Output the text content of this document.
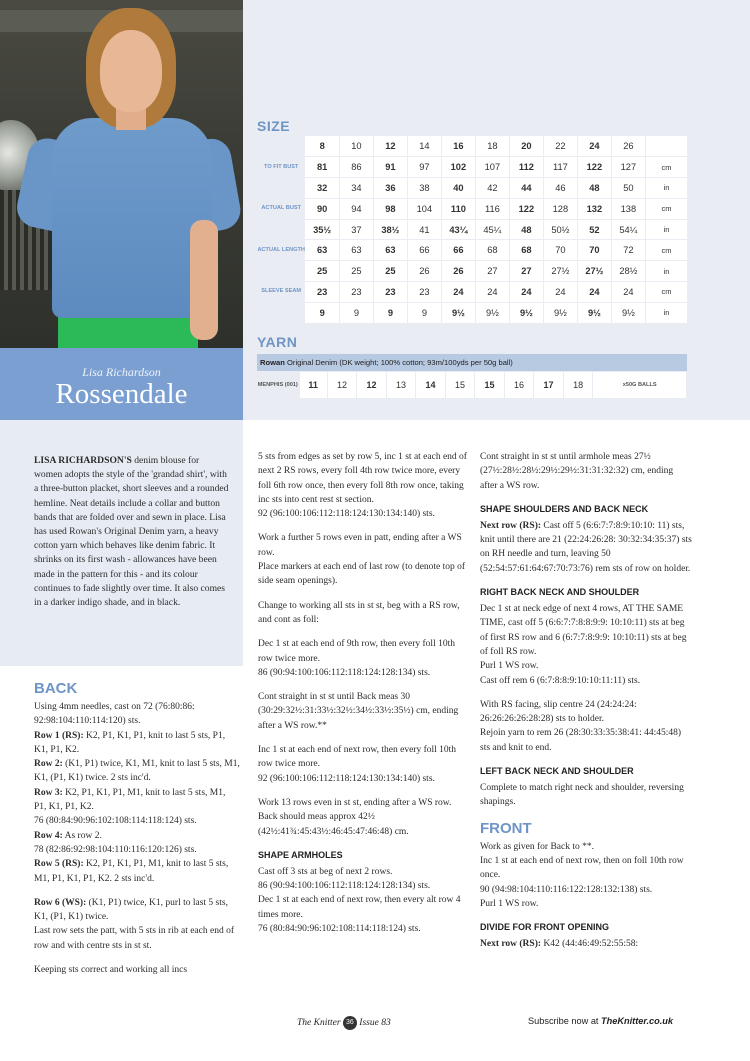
Lisa Richardson
Rossendale

LISA RICHARDSON'S denim blouse for women adopts the style of the 'grandad shirt', with a three-button placket, short sleeves and a rounded hemline. Neat details include a collar and button bands that are folded over and sewn in place. Lisa has used Rowan's Original Denim yarn, a heavy cotton yarn which behaves like denim fabric. It shrinks on its first wash - allowances have been made in the pattern for this - and its colour continues to fade slightly over time. It also comes in a darker indigo shade, and in black.

SIZE
	8	10	12	14	16	18	20	22	24	26	
TO FIT BUST	81	86	91	97	102	107	112	117	122	127	cm
	32	34	36	38	40	42	44	46	48	50	in
ACTUAL BUST	90	94	98	104	110	116	122	128	132	138	cm
	35½	37	38½	41	43¼	45¼	48	50½	52	54¼	in
ACTUAL LENGTH	63	63	63	66	66	68	68	70	70	72	cm
	25	25	25	26	26	27	27	27½	27½	28½	in
SLEEVE SEAM	23	23	23	23	24	24	24	24	24	24	cm
	9	9	9	9	9½	9½	9½	9½	9½	9½	in
YARN
Rowan Original Denim (DK weight; 100% cotton; 93m/100yds per 50g ball)
MENPHIS (001)	11	12	12	13	14	15	15	16	17	18	x50G BALLS
BACK

Using 4mm needles, cast on 72 (76:80:86: 92:98:104:110:114:120) sts.
Row 1 (RS): K2, P1, K1, P1, knit to last 5 sts, P1, K1, P1, K2.
Row 2: (K1, P1) twice, K1, M1, knit to last 5 sts, M1, K1, (P1, K1) twice. 2 sts inc'd.
Row 3: K2, P1, K1, P1, M1, knit to last 5 sts, M1, P1, K1, P1, K2.
76 (80:84:90:96:102:108:114:118:124) sts.
Row 4: As row 2.
78 (82:86:92:98:104:110:116:120:126) sts.
Row 5 (RS): K2, P1, K1, P1, M1, knit to last 5 sts, M1, P1, K1, P1, K2. 2 sts inc'd.

Row 6 (WS): (K1, P1) twice, K1, purl to last 5 sts, K1, (P1, K1) twice.
Last row sets the patt, with 5 sts in rib at each end of row and with centre sts in st st.

Keeping sts correct and working all incs

5 sts from edges as set by row 5, inc 1 st at each end of next 2 RS rows, every foll 4th row twice more, every foll 6th row once, then every foll 8th row once, taking inc sts into cent rest st section.
92 (96:100:106:112:118:124:130:134:140) sts.

Work a further 5 rows even in patt, ending after a WS row.
Place markers at each end of last row (to denote top of side seam openings).

Change to working all sts in st st, beg with a RS row, and cont as foll:

Dec 1 st at each end of 9th row, then every foll 10th row twice more.
86 (90:94:100:106:112:118:124:128:134) sts.

Cont straight in st st until Back meas 30 (30:29:32½:31:33½:32½:34½:33½:35½) cm, ending after a WS row.**

Inc 1 st at each end of next row, then every foll 10th row twice more.
92 (96:100:106:112:118:124:130:134:140) sts.

Work 13 rows even in st st, ending after a WS row. Back should meas approx 42½ (42½:41¾:45:43½:46:45:47:46:48) cm.

SHAPE ARMHOLES

Cast off 3 sts at beg of next 2 rows.
86 (90:94:100:106:112:118:124:128:134) sts.
Dec 1 st at each end of next row, then every alt row 4 times more.
76 (80:84:90:96:102:108:114:118:124) sts.

Cont straight in st st until armhole meas 27½ (27½:28½:28½:29½:29½:31:31:32:32) cm, ending after a WS row.

SHAPE SHOULDERS AND BACK NECK

Next row (RS): Cast off 5 (6:6:7:7:8:9:10:10: 11) sts, knit until there are 21 (22:24:26:28: 30:32:34:35:37) sts on RH needle and turn, leaving 50 (52:54:57:61:64:67:70:73:76) rem sts of row on holder.

RIGHT BACK NECK AND SHOULDER

Dec 1 st at neck edge of next 4 rows, AT THE SAME TIME, cast off 5 (6:6:7:7:8:8:9:9: 10:10:11) sts at beg of first RS row and 6 (6:7:7:8:9:9: 10:10:11) sts at beg of foll RS row.
Purl 1 WS row.
Cast off rem 6 (6:7:8:8:9:10:10:11:11) sts.

With RS facing, slip centre 24 (24:24:24: 26:26:26:26:28:28) sts to holder.
Rejoin yarn to rem 26 (28:30:33:35:38:41: 44:45:48) sts and knit to end.

LEFT BACK NECK AND SHOULDER

Complete to match right neck and shoulder, reversing shapings.

FRONT

Work as given for Back to **.
Inc 1 st at each end of next row, then on foll 10th row once.
90 (94:98:104:110:116:122:128:132:138) sts.
Purl 1 WS row.

DIVIDE FOR FRONT OPENING

Next row (RS): K42 (44:46:49:52:55:58:

The Knitter 36 Issue 83	Subscribe now at TheKnitter.co.uk
